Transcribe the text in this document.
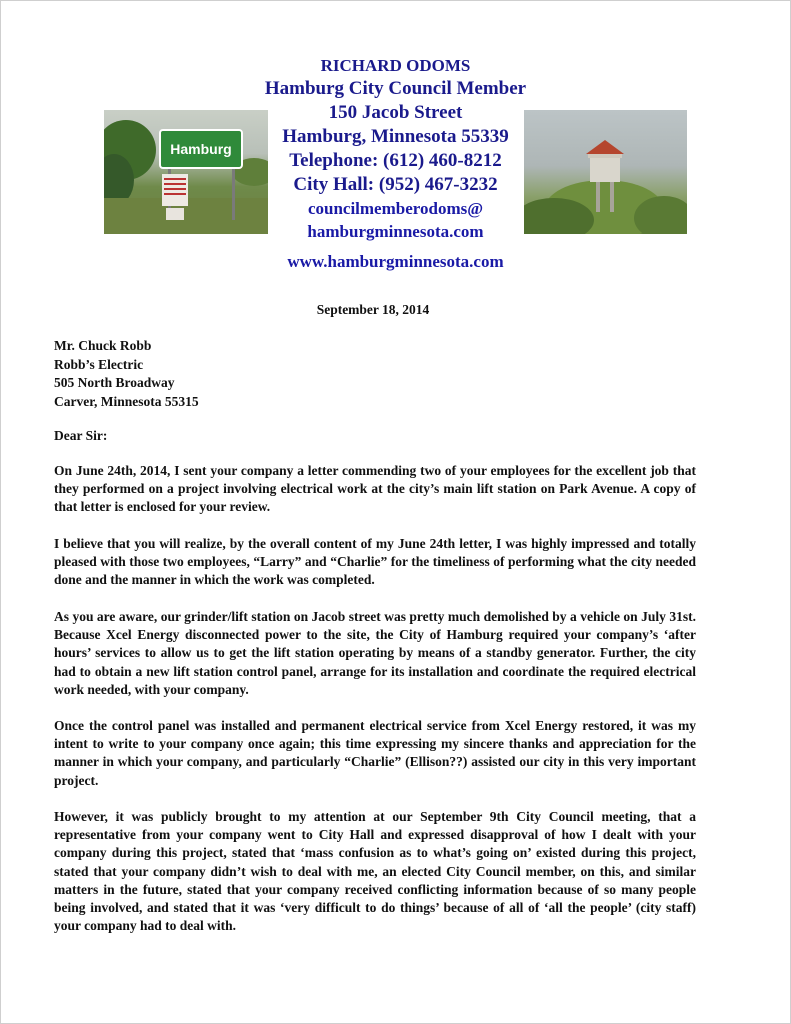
RICHARD ODOMS
Hamburg City Council Member
150 Jacob Street
Hamburg, Minnesota 55339
Telephone: (612) 460-8212
City Hall: (952) 467-3232
councilmemberodoms@
hamburgminnesota.com
www.hamburgminnesota.com
Hamburg
September 18, 2014
Mr. Chuck Robb
Robb’s Electric
505 North Broadway
Carver, Minnesota 55315
Dear Sir:

On June 24th, 2014, I sent your company a letter commending two of your employees for the excellent job that they performed on a project involving electrical work at the city’s main lift station on Park Avenue. A copy of that letter is enclosed for your review.

I believe that you will realize, by the overall content of my June 24th letter, I was highly impressed and totally pleased with those two employees, “Larry” and “Charlie” for the timeliness of performing what the city needed done and the manner in which the work was completed.

As you are aware, our grinder/lift station on Jacob street was pretty much demolished by a vehicle on July 31st. Because Xcel Energy disconnected power to the site, the City of Hamburg required your company’s ‘after hours’ services to allow us to get the lift station operating by means of a standby generator. Further, the city had to obtain a new lift station control panel, arrange for its installation and coordinate the required electrical work needed, with your company.

Once the control panel was installed and permanent electrical service from Xcel Energy restored, it was my intent to write to your company once again; this time expressing my sincere thanks and appreciation for the manner in which your company, and particularly “Charlie” (Ellison??) assisted our city in this very important project.

However, it was publicly brought to my attention at our September 9th City Council meeting, that a representative from your company went to City Hall and expressed disapproval of how I dealt with your company during this project, stated that ‘mass confusion as to what’s going on’ existed during this project, stated that your company didn’t wish to deal with me, an elected City Council member, on this, and similar matters in the future, stated that your company received conflicting information because of so many people being involved, and stated that it was ‘very difficult to do things’ because of all of ‘all the people’ (city staff) your company had to deal with.
